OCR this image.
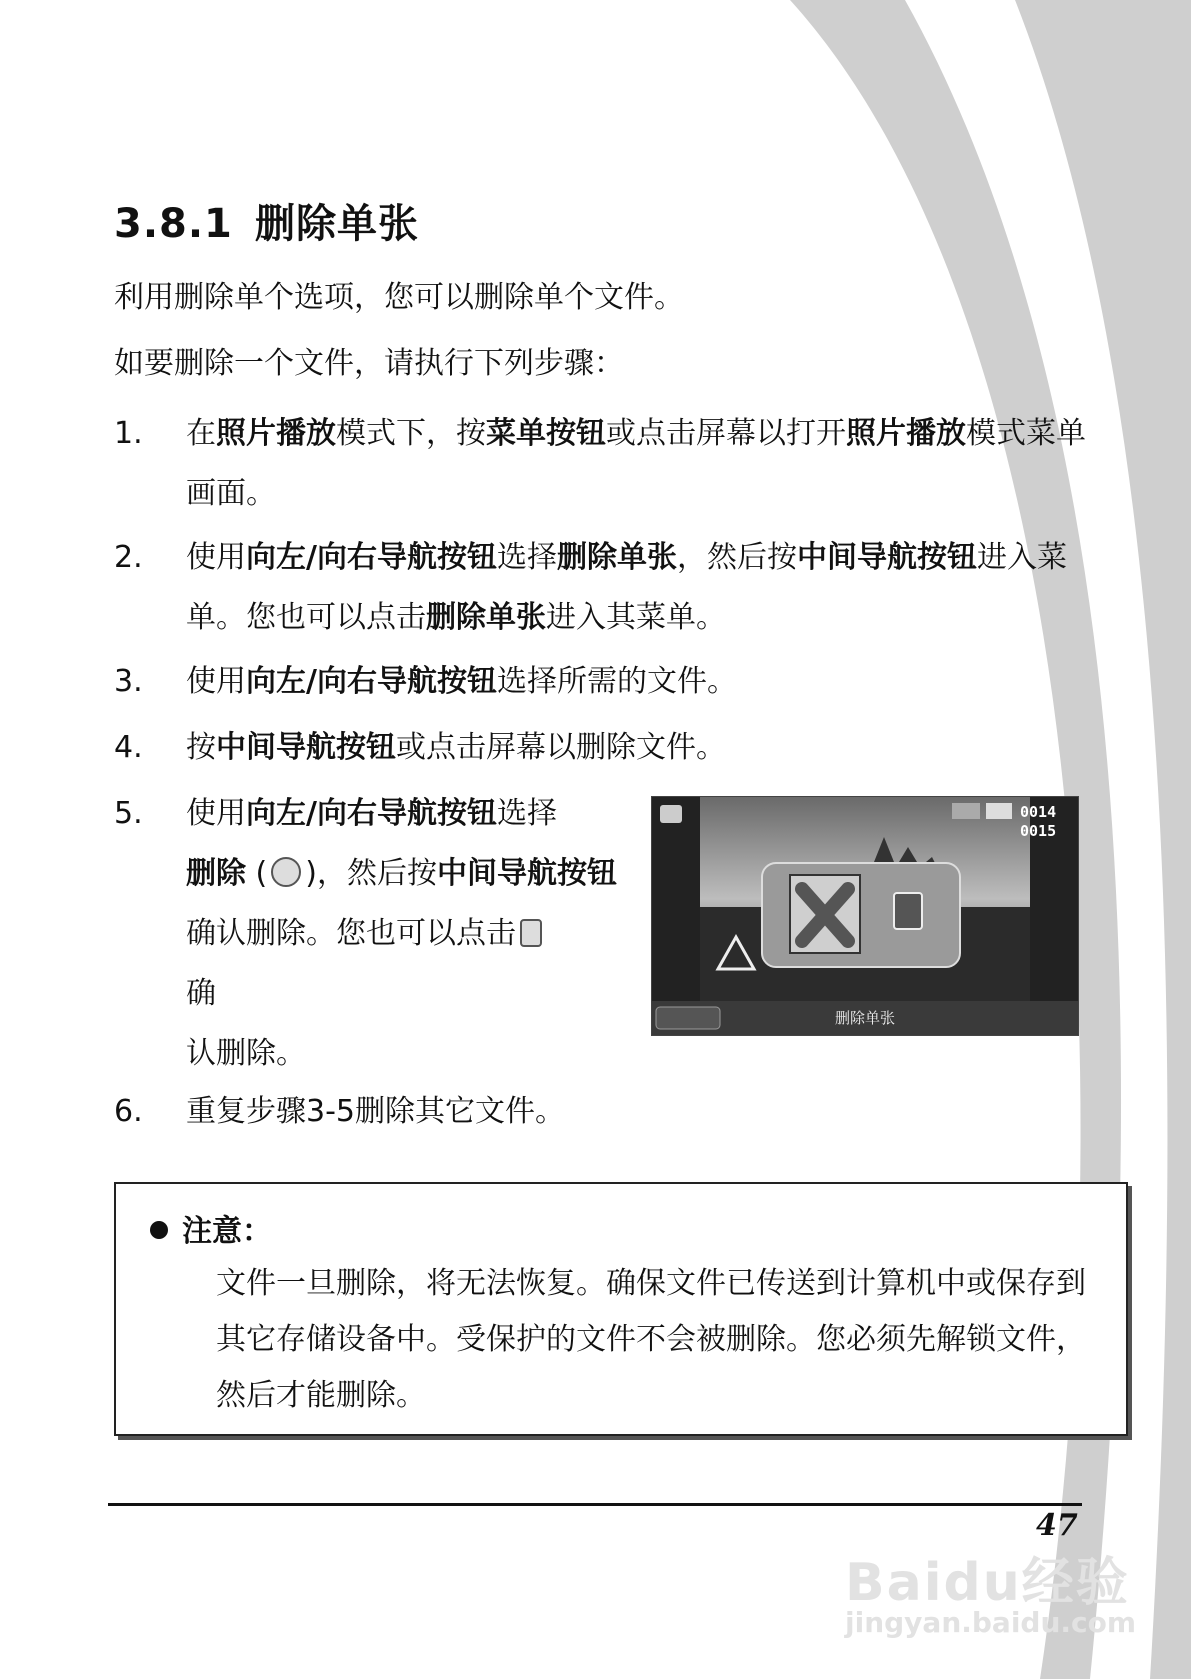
3.8.1 删除单张
利用删除单个选项，您可以删除单个文件。
如要删除一个文件，请执行下列步骤：
1.	在照片播放模式下，按菜单按钮或点击屏幕以打开照片播放模式菜单画面。
2.	使用向左/向右导航按钮选择删除单张，然后按中间导航按钮进入菜单。您也可以点击删除单张进入其菜单。
3.	使用向左/向右导航按钮选择所需的文件。
4.	按中间导航按钮或点击屏幕以删除文件。
5.	使用向左/向右导航按钮选择
删除 ( )，然后按中间导航按钮确认删除。您也可以点击
确
认删除。
0014
0015
删除单张
6.	重复步骤3-5删除其它文件。
注意：
文件一旦删除，将无法恢复。确保文件已传送到计算机中或保存到其它存储设备中。受保护的文件不会被删除。您必须先解锁文件，然后才能删除。
47
Baidu经验
jingyan.baidu.com
